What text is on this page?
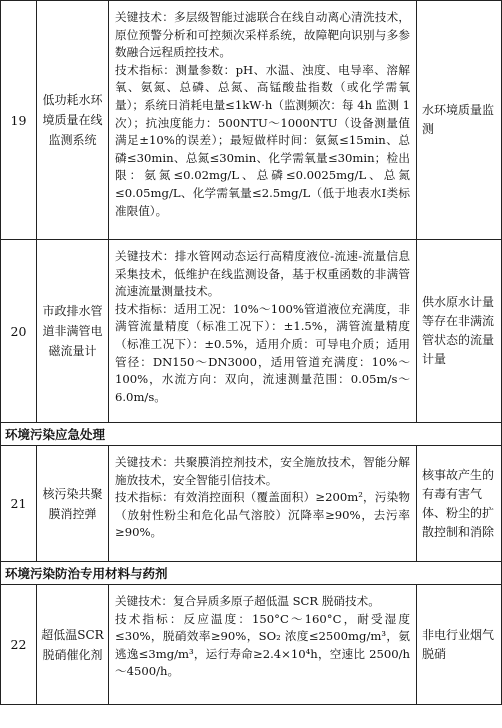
19
低功耗水环境质量在线监测系统

关键技术：多层级智能过滤联合在线自动离心清洗技术，原位预警分析和可控频次采样系统，故障靶向识别与多参数融合远程质控技术。

技术指标：测量参数：pH、水温、浊度、电导率、溶解氧、氨氮、总磷、总氮、高锰酸盐指数（或化学需氧量）；系统日消耗电量≤1kW·h（监测频次：每 4h 监测 1 次）；抗浊度能力：500NTU～1000NTU（设备测量值满足±10%的误差）；最短做样时间：氨氮≤15min、总磷≤30min、总氮≤30min、化学需氧量≤30min；检出限：氨氮≤0.02mg/L、总磷≤0.0025mg/L、总氮≤0.05mg/L、化学需氧量≤2.5mg/L（低于地表水Ⅰ类标准限值）。

水环境质量监测
20
市政排水管道非满管电磁流量计

关键技术：排水管网动态运行高精度液位-流速-流量信息采集技术，低维护在线监测设备，基于权重函数的非满管流速流量测量技术。

技术指标：适用工况：10%～100%管道液位充满度，非满管流量精度（标准工况下）：±1.5%，满管流量精度（标准工况下）：±0.5%，适用介质：可导电介质；适用管径：DN150～DN3000，适用管道充满度：10%～100%，水流方向：双向，流速测量范围：0.05m/s～6.0m/s。

供水原水计量等存在非满流管状态的流量计量
环境污染应急处理
21
核污染共聚膜消控弹

关键技术：共聚膜消控剂技术，安全施放技术，智能分解施放技术，安全智能引信技术。

技术指标：有效消控面积（覆盖面积）≥200m²，污染物（放射性粉尘和危化品气溶胶）沉降率≥90%，去污率≥90%。

核事故产生的有毒有害气体、粉尘的扩散控制和消除
环境污染防治专用材料与药剂
22
超低温SCR脱硝催化剂

关键技术：复合异质多原子超低温 SCR 脱硝技术。

技术指标：反应温度：150°C～160°C，耐受湿度≤30%，脱硝效率≥90%，SO₂ 浓度≤2500mg/m³，氨逃逸≤3mg/m³，运行寿命≥2.4×10⁴h，空速比 2500/h～4500/h。

非电行业烟气脱硝
